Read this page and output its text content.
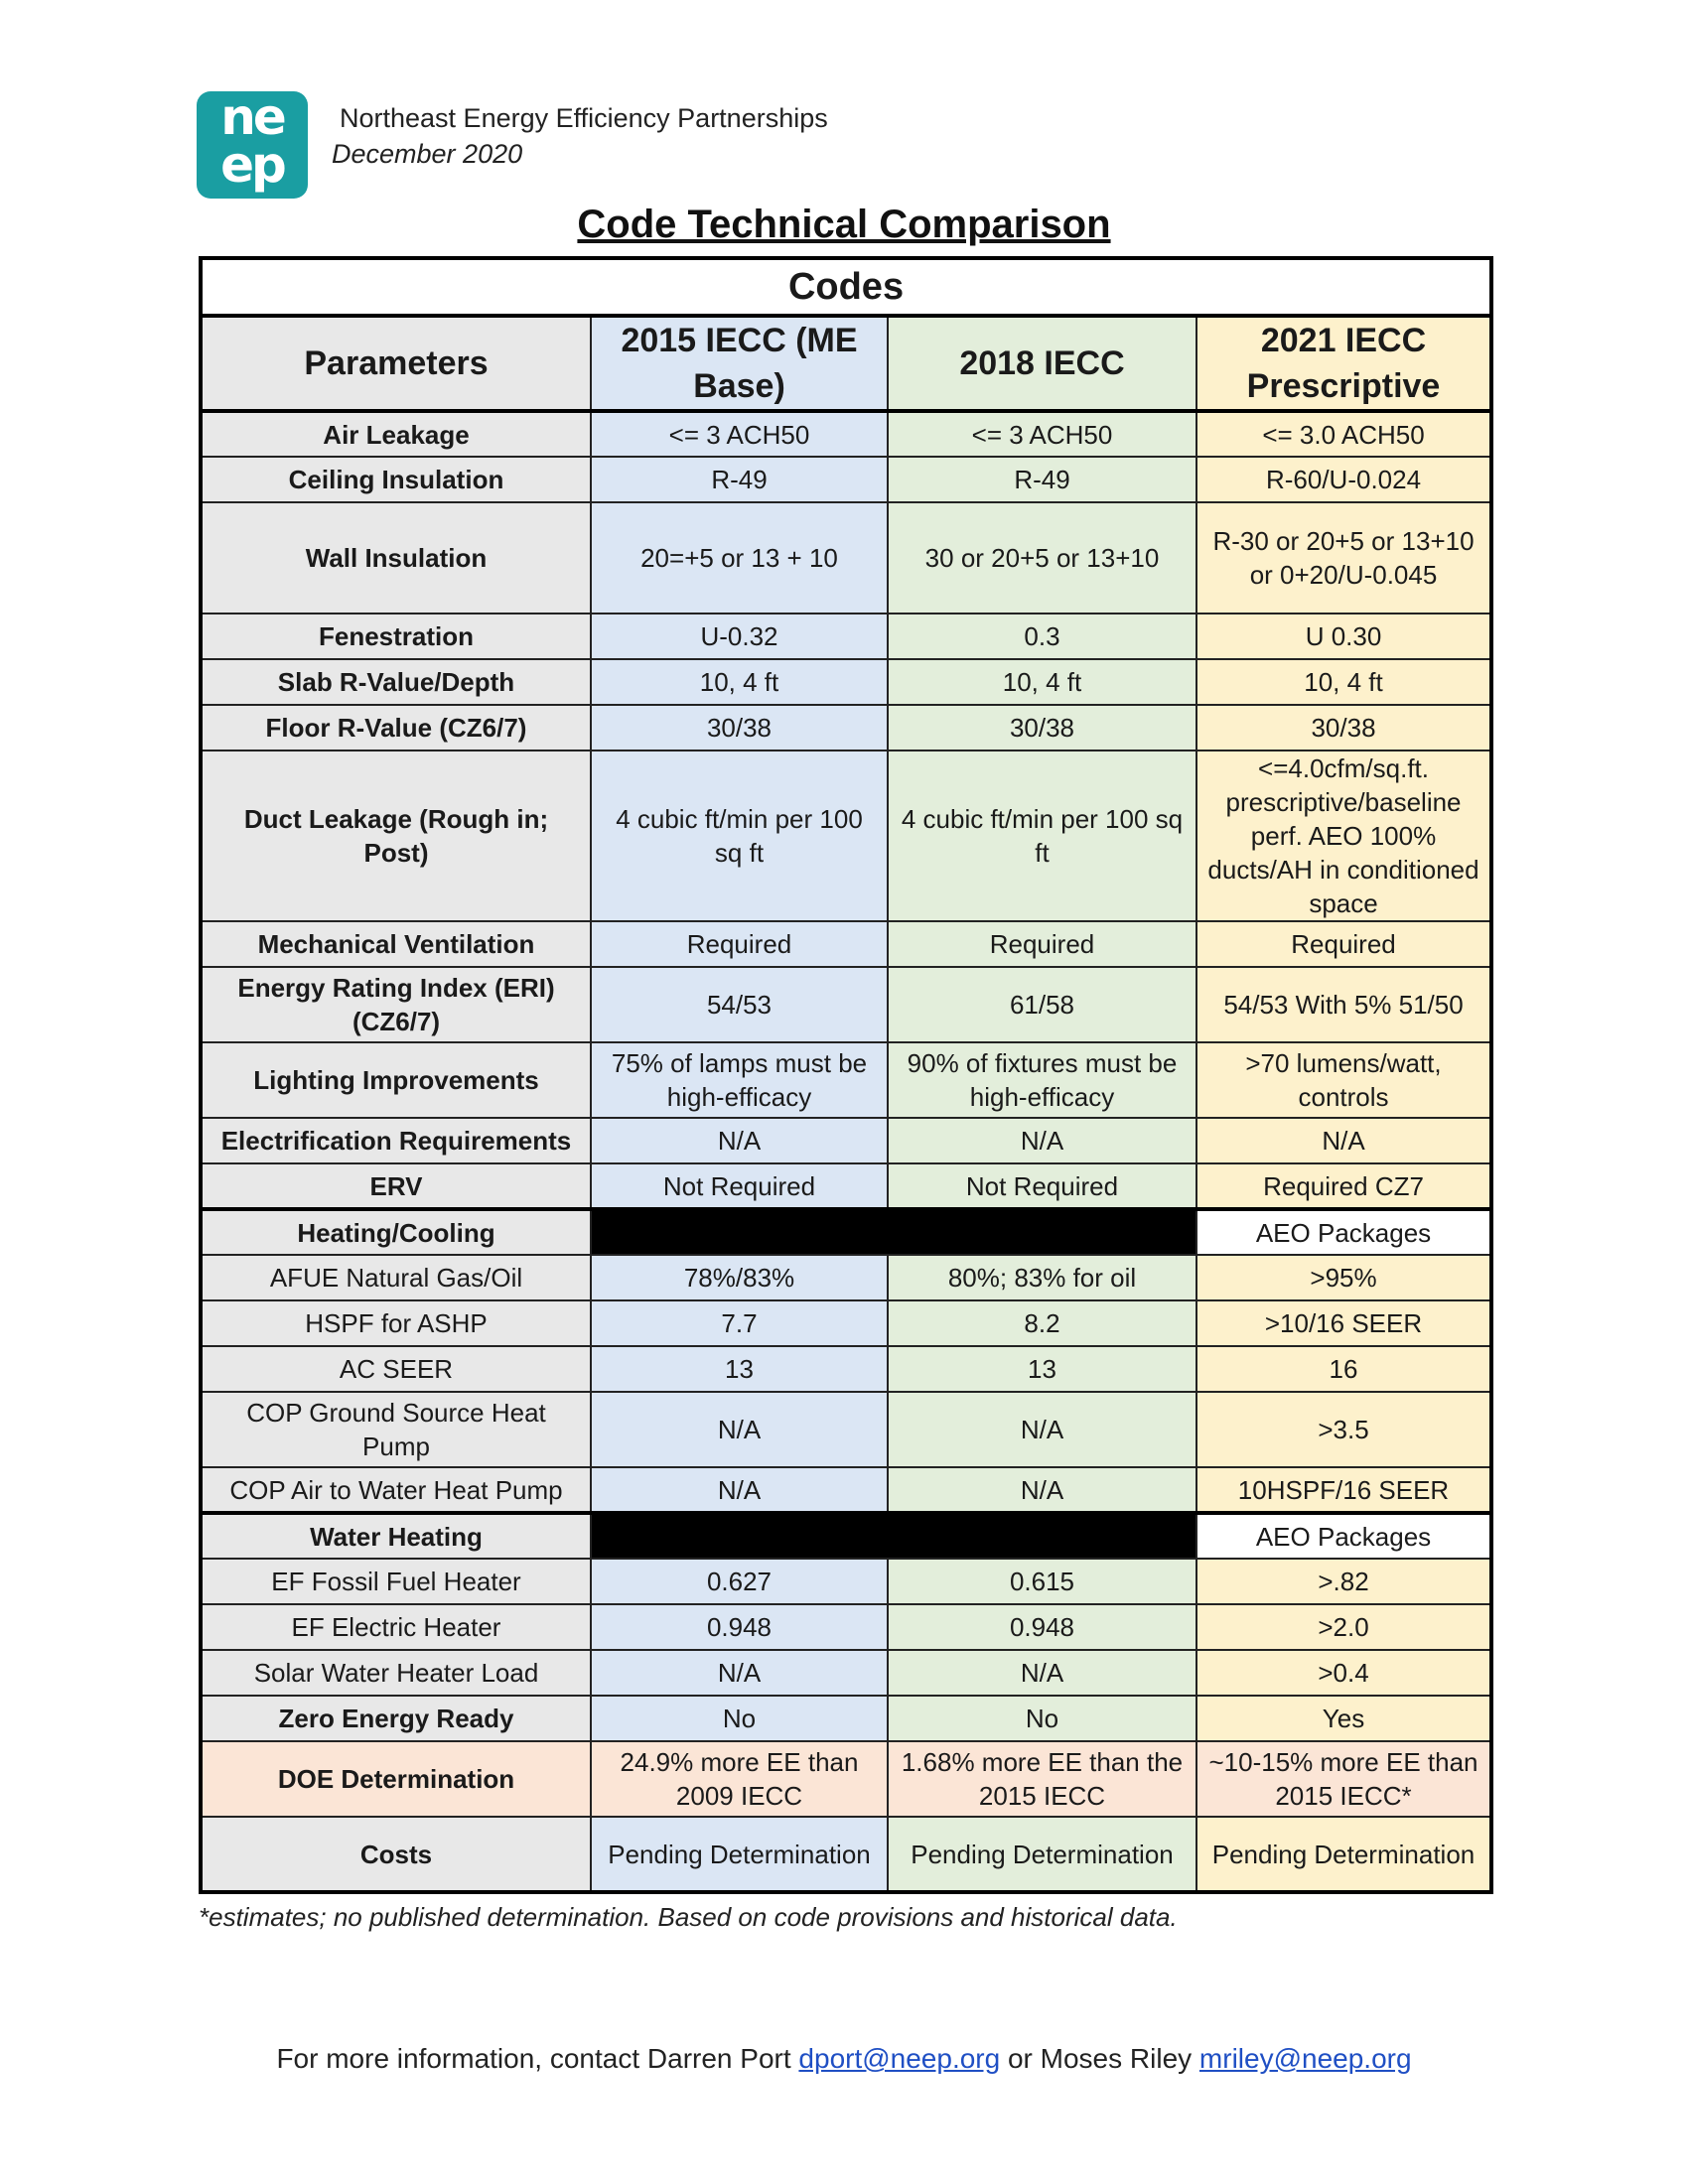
ne ep
Northeast Energy Efficiency Partnerships
December 2020
Code Technical Comparison
Codes			
Parameters	2015 IECC (ME Base)	2018 IECC	2021 IECC Prescriptive
Air Leakage	<= 3 ACH50	<= 3 ACH50	<= 3.0 ACH50
Ceiling Insulation	R-49	R-49	R-60/U-0.024
Wall Insulation	20=+5 or 13 + 10	30 or 20+5 or 13+10	R-30 or 20+5 or 13+10 or 0+20/U-0.045
Fenestration	U-0.32	0.3	U 0.30
Slab R-Value/Depth	10, 4 ft	10, 4 ft	10, 4 ft
Floor R-Value (CZ6/7)	30/38	30/38	30/38
Duct Leakage (Rough in; Post)	4 cubic ft/min per 100 sq ft	4 cubic ft/min per 100 sq ft	<=4.0cfm/sq.ft. prescriptive/baseline perf. AEO 100% ducts/AH in conditioned space
Mechanical Ventilation	Required	Required	Required
Energy Rating Index (ERI) (CZ6/7)	54/53	61/58	54/53 With 5% 51/50
Lighting Improvements	75% of lamps must be high-efficacy	90% of fixtures must be high-efficacy	>70 lumens/watt, controls
Electrification Requirements	N/A	N/A	N/A
ERV	Not Required	Not Required	Required CZ7
Heating/Cooling			AEO Packages
AFUE Natural Gas/Oil	78%/83%	80%; 83% for oil	>95%
HSPF for ASHP	7.7	8.2	>10/16 SEER
AC SEER	13	13	16
COP Ground Source Heat Pump	N/A	N/A	>3.5
COP Air to Water Heat Pump	N/A	N/A	10HSPF/16 SEER
Water Heating			AEO Packages
EF Fossil Fuel Heater	0.627	0.615	>.82
EF Electric Heater	0.948	0.948	>2.0
Solar Water Heater Load	N/A	N/A	>0.4
Zero Energy Ready	No	No	Yes
DOE Determination	24.9% more EE than 2009 IECC	1.68% more EE than the 2015 IECC	~10-15% more EE than 2015 IECC*
Costs	Pending Determination	Pending Determination	Pending Determination
*estimates; no published determination. Based on code provisions and historical data.
For more information, contact Darren Port dport@neep.org or Moses Riley mriley@neep.org
